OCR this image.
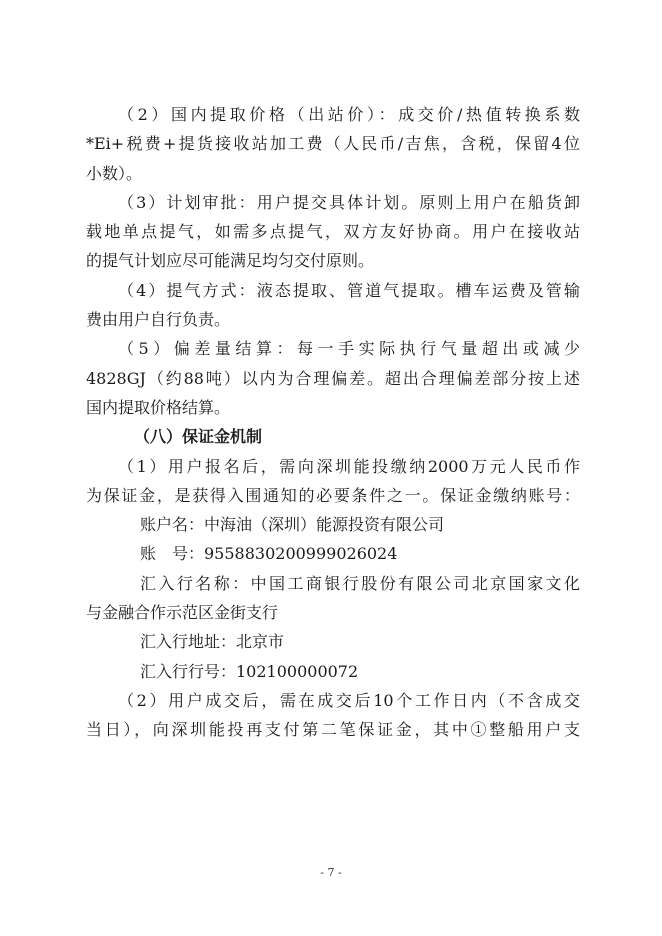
（2）国内提取价格（出站价）：成交价/热值转换系数
*Ei+税费+提货接收站加工费（人民币/吉焦，含税，保留4位
小数）。
（3）计划审批：用户提交具体计划。原则上用户在船货卸
载地单点提气，如需多点提气，双方友好协商。用户在接收站
的提气计划应尽可能满足均匀交付原则。
（4）提气方式：液态提取、管道气提取。槽车运费及管输
费由用户自行负责。
（5）偏差量结算：每一手实际执行气量超出或减少
4828GJ（约88吨）以内为合理偏差。超出合理偏差部分按上述
国内提取价格结算。
（八）保证金机制
（1）用户报名后，需向深圳能投缴纳2000万元人民币作
为保证金，是获得入围通知的必要条件之一。保证金缴纳账号：
账户名：中海油（深圳）能源投资有限公司
账　号：9558830200999026024
汇入行名称：中国工商银行股份有限公司北京国家文化
与金融合作示范区金街支行
汇入行地址：北京市
汇入行行号：102100000072
（2）用户成交后，需在成交后10个工作日内（不含成交
当日），向深圳能投再支付第二笔保证金，其中①整船用户支
- 7 -
